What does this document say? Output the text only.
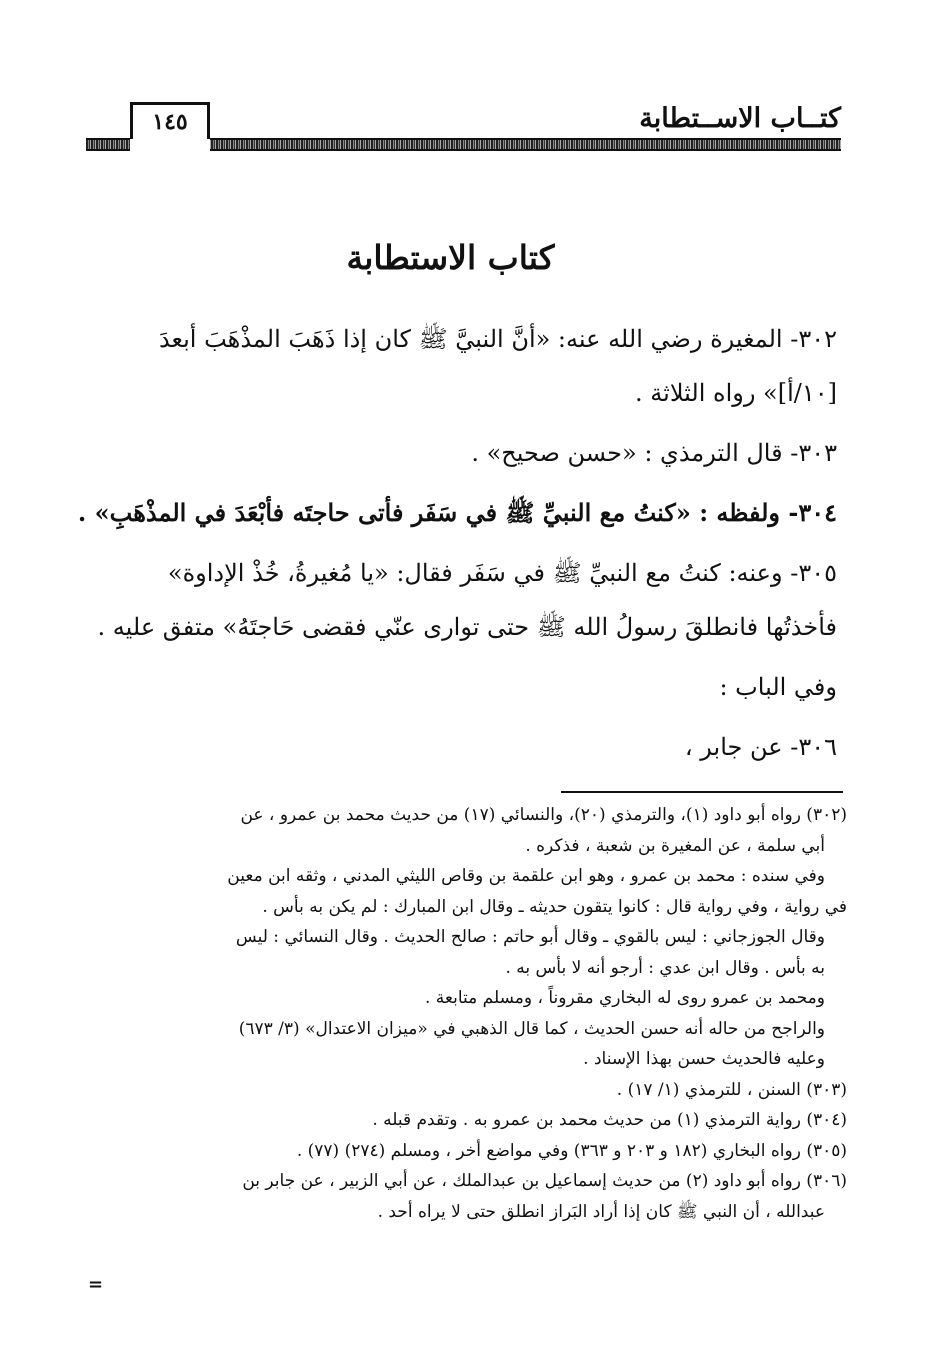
كتــاب الاســتطابة
١٤٥
كتاب الاستطابة

٣٠٢- المغيرة رضي الله عنه: «أنَّ النبيَّ ﷺ كان إذا ذَهَبَ المذْهَبَ أبعدَ
[١٠/أ]» رواه الثلاثة .

٣٠٣- قال الترمذي : «حسن صحيح» .

٣٠٤- ولفظه : «كنتُ مع النبيِّ ﷺ في سَفَر فأتى حاجتَه فأبْعَدَ في المذْهَبِ» .

٣٠٥- وعنه: كنتُ مع النبيِّ ﷺ في سَفَر فقال: «يا مُغيرةُ، خُذْ الإداوة»
فأخذتُها فانطلقَ رسولُ الله ﷺ حتى توارى عنّي فقضى حَاجتَهُ» متفق عليه .

وفي الباب :

٣٠٦- عن جابر ،

(٣٠٢) رواه أبو داود (١)، والترمذي (٢٠)، والنسائي (١٧) من حديث محمد بن عمرو ، عن
أبي سلمة ، عن المغيرة بن شعبة ، فذكره .
وفي سنده : محمد بن عمرو ، وهو ابن علقمة بن وقاص الليثي المدني ، وثقه ابن معين
في رواية ، وفي رواية قال : كانوا يتقون حديثه ـ وقال ابن المبارك : لم يكن به بأس .
وقال الجوزجاني : ليس بالقوي ـ وقال أبو حاتم : صالح الحديث . وقال النسائي : ليس
به بأس . وقال ابن عدي : أرجو أنه لا بأس به .
ومحمد بن عمرو روى له البخاري مقروناً ، ومسلم متابعة .
والراجح من حاله أنه حسن الحديث ، كما قال الذهبي في «ميزان الاعتدال» (٣/ ٦٧٣)
وعليه فالحديث حسن بهذا الإسناد .
(٣٠٣) السنن ، للترمذي (١/ ١٧) .
(٣٠٤) رواية الترمذي (١) من حديث محمد بن عمرو به . وتقدم قبله .
(٣٠٥) رواه البخاري (١٨٢ و ٢٠٣ و ٣٦٣) وفي مواضع أخر ، ومسلم (٢٧٤) (٧٧) .
(٣٠٦) رواه أبو داود (٢) من حديث إسماعيل بن عبدالملك ، عن أبي الزبير ، عن جابر بن
عبدالله ، أن النبي ﷺ كان إذا أراد البَراز انطلق حتى لا يراه أحد .
=
